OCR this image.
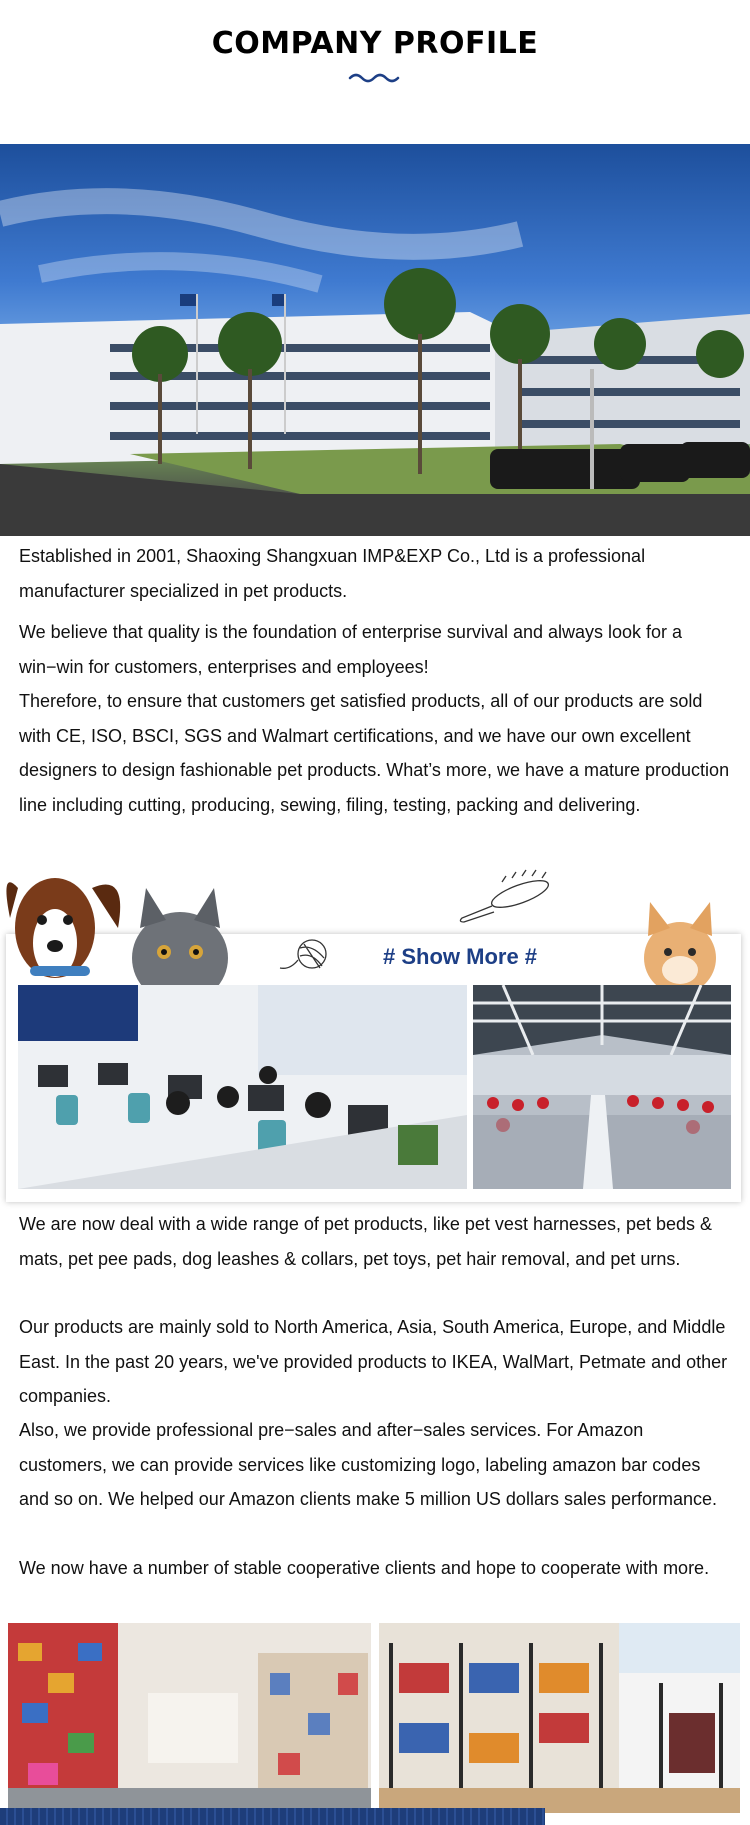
COMPANY PROFILE

Established in 2001, Shaoxing Shangxuan IMP&EXP Co., Ltd is a professional manufacturer specialized in pet products.

We believe that quality is the foundation of enterprise survival and always look for a win−win for customers, enterprises and employees!

Therefore, to ensure that customers get satisfied products, all of our products are sold with CE, ISO, BSCI, SGS and Walmart certifications, and we have our own excellent designers to design fashionable pet products. What’s more, we have a mature production line including cutting, producing, sewing, filing, testing, packing and delivering.

# Show More #

We are now deal with a wide range of pet products, like pet vest harnesses, pet beds & mats, pet pee pads, dog leashes & collars, pet toys, pet hair removal, and pet urns.

Our products are mainly sold to North America, Asia, South America, Europe, and Middle East. In the past 20 years, we've provided products to IKEA, WalMart, Petmate and other companies.

Also, we provide professional pre−sales and after−sales services. For Amazon customers, we can provide services like customizing logo, labeling amazon bar codes and so on. We helped our Amazon clients make 5 million US dollars sales performance.

We now have a number of stable cooperative clients and hope to cooperate with more.
